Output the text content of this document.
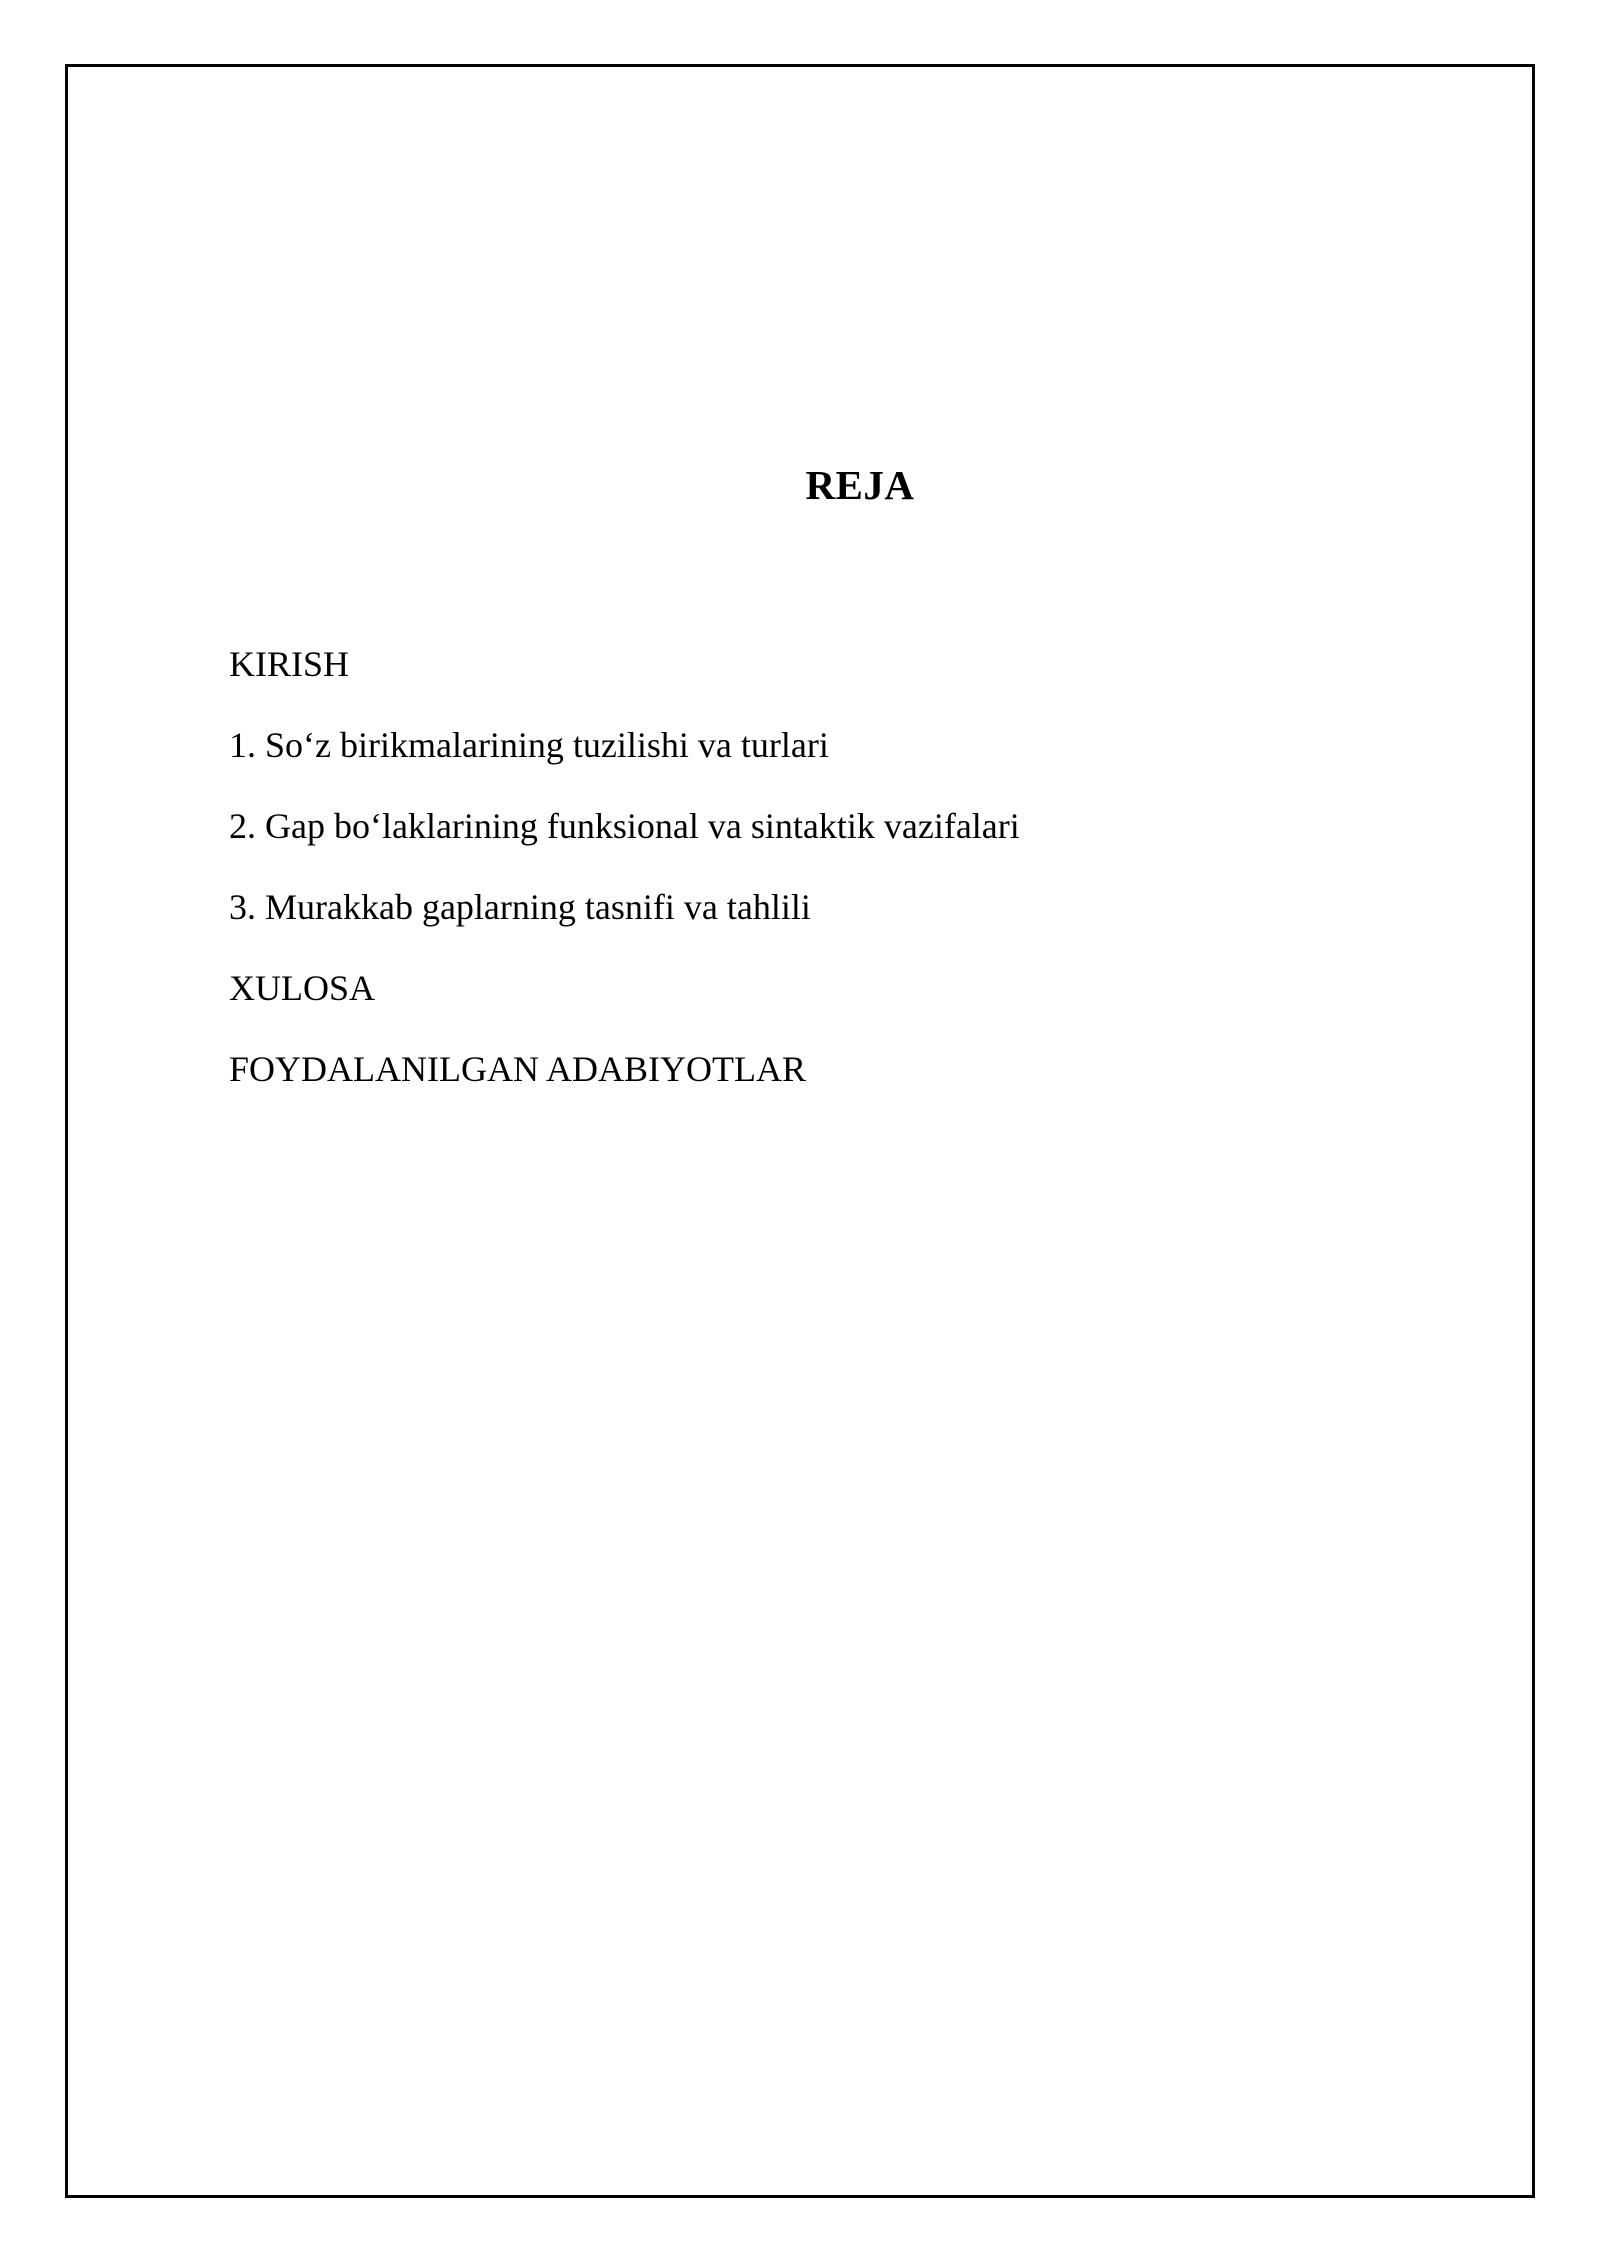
REJA
KIRISH
1. So‘z birikmalarining tuzilishi va turlari
2. Gap bo‘laklarining funksional va sintaktik vazifalari
3. Murakkab gaplarning tasnifi va tahlili
XULOSA
FOYDALANILGAN ADABIYOTLAR
